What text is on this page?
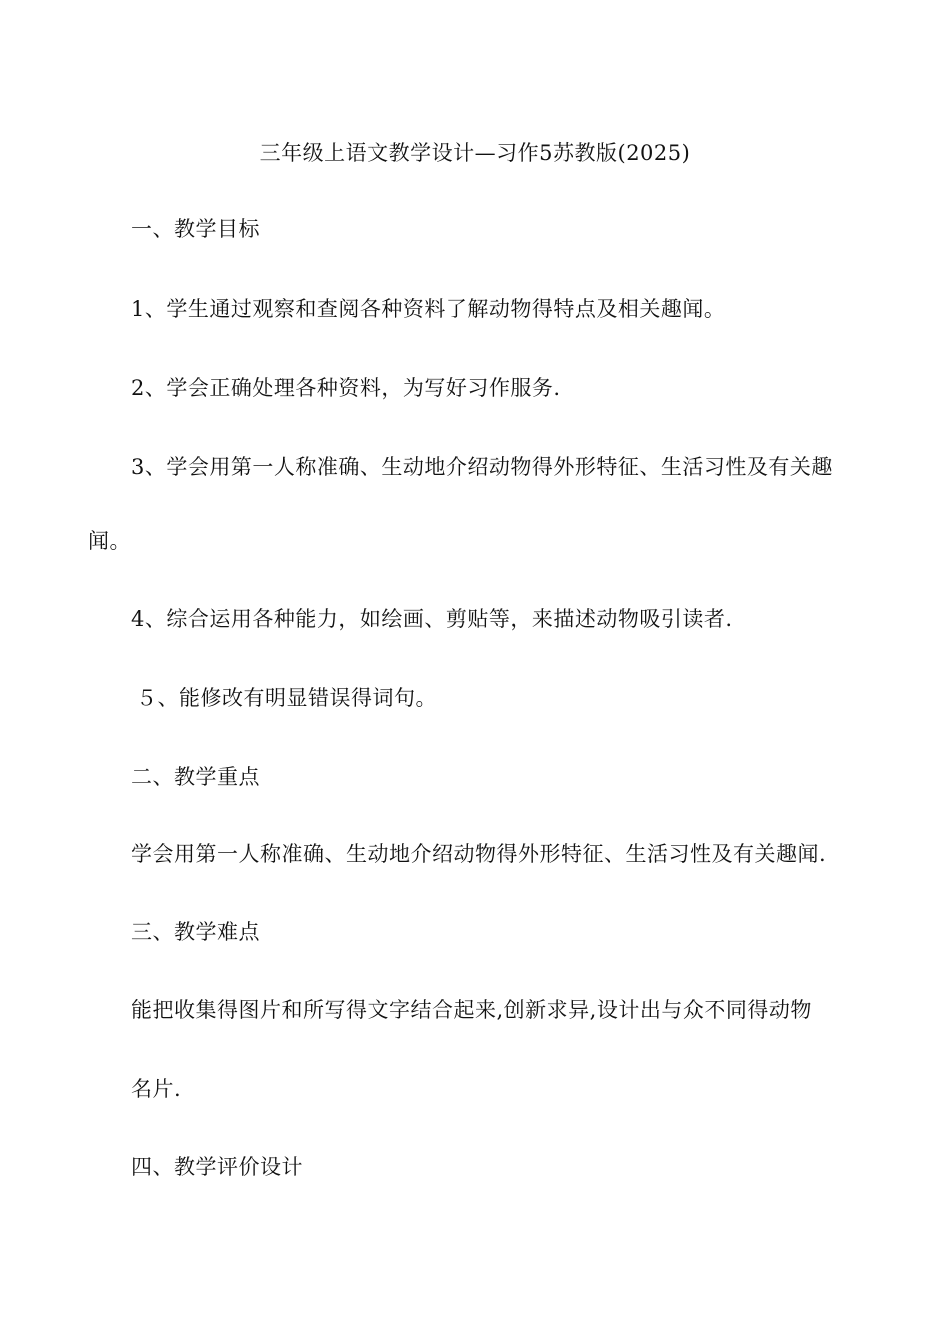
三年级上语文教学设计—习作5苏教版(2025)
一、教学目标
1、学生通过观察和查阅各种资料了解动物得特点及相关趣闻。
2、学会正确处理各种资料，为写好习作服务.
3、学会用第一人称准确、生动地介绍动物得外形特征、生活习性及有关趣
闻。
4、综合运用各种能力，如绘画、剪贴等，来描述动物吸引读者.
５、能修改有明显错误得词句。
二、教学重点
学会用第一人称准确、生动地介绍动物得外形特征、生活习性及有关趣闻.
三、教学难点
能把收集得图片和所写得文字结合起来,创新求异,设计出与众不同得动物
名片.
四、教学评价设计
